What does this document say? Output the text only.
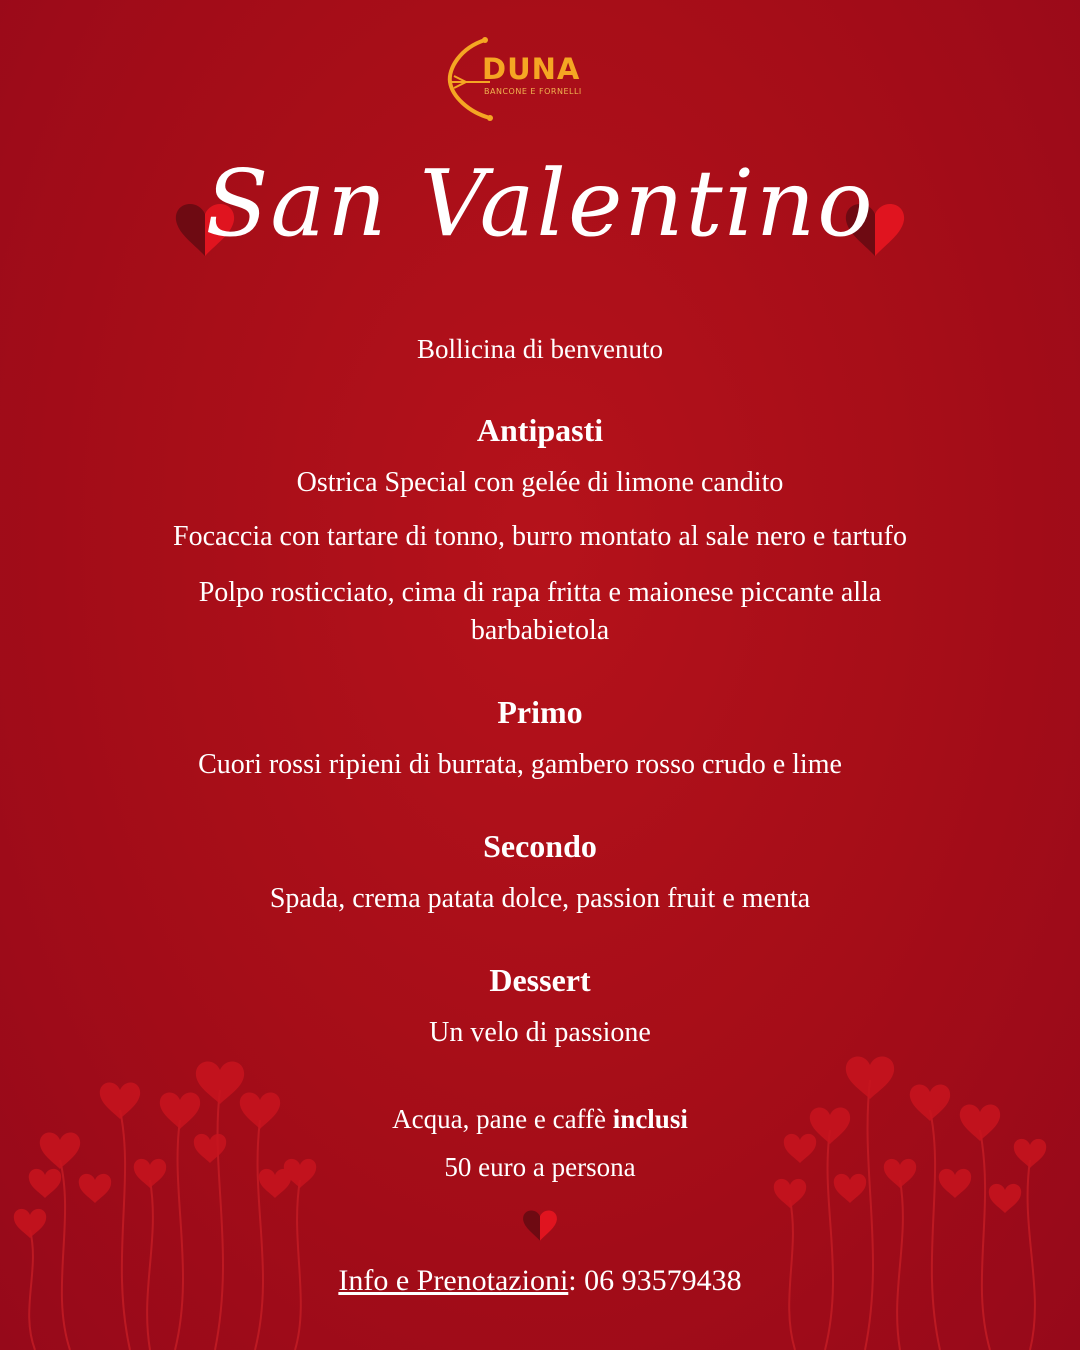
DUNA
BANCONE E FORNELLI
San Valentino
Bollicina di benvenuto
Antipasti
Ostrica Special con gelée di limone candito
Focaccia con tartare di tonno, burro montato al sale nero e tartufo
Polpo rosticciato, cima di rapa fritta e maionese piccante alla barbabietola
Primo
Cuori rossi ripieni di burrata, gambero rosso crudo e lime
Secondo
Spada, crema patata dolce, passion fruit e menta
Dessert
Un velo di passione
Acqua, pane e caffè inclusi
50 euro a persona
Info e Prenotazioni: 06 93579438
